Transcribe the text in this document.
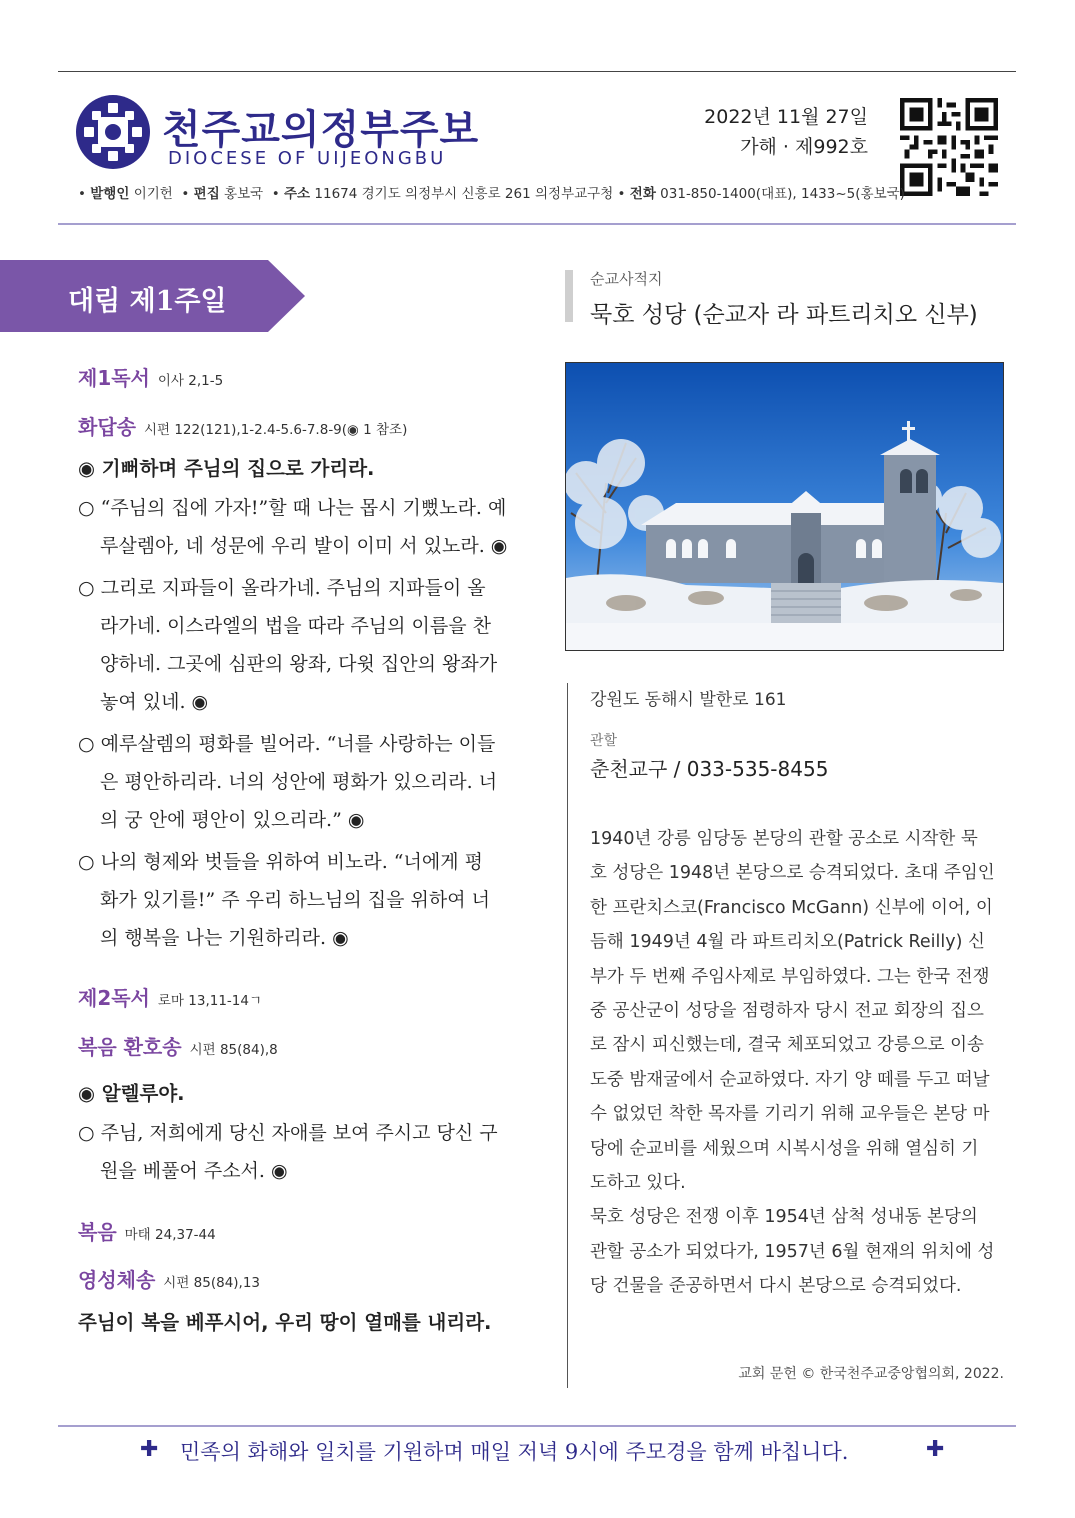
천주교의정부주보
DIOCESE OF UIJEONGBU
2022년 11월 27일
가해 · 제992호
• 발행인 이기헌  • 편집 홍보국  • 주소 11674 경기도 의정부시 신흥로 261 의정부교구청 • 전화 031-850-1400(대표), 1433~5(홍보국)
대림 제1주일
제1독서 이사 2,1-5
화답송 시편 122(121),1-2.4-5.6-7.8-9(◉ 1 참조)
◉ 기뻐하며 주님의 집으로 가리라.
○ “주님의 집에 가자!”할 때 나는 몹시 기뻤노라. 예
루살렘아, 네 성문에 우리 발이 이미 서 있노라. ◉
○ 그리로 지파들이 올라가네. 주님의 지파들이 올
라가네. 이스라엘의 법을 따라 주님의 이름을 찬
양하네. 그곳에 심판의 왕좌, 다윗 집안의 왕좌가
놓여 있네. ◉
○ 예루살렘의 평화를 빌어라. “너를 사랑하는 이들
은 평안하리라. 너의 성안에 평화가 있으리라. 너
의 궁 안에 평안이 있으리라.” ◉
○ 나의 형제와 벗들을 위하여 비노라. “너에게 평
화가 있기를!” 주 우리 하느님의 집을 위하여 너
의 행복을 나는 기원하리라. ◉
제2독서 로마 13,11-14ㄱ
복음 환호송 시편 85(84),8
◉ 알렐루야.
○ 주님, 저희에게 당신 자애를 보여 주시고 당신 구
원을 베풀어 주소서. ◉
복음 마태 24,37-44
영성체송 시편 85(84),13
주님이 복을 베푸시어, 우리 땅이 열매를 내리라.
순교사적지
묵호 성당 (순교자 라 파트리치오 신부)
강원도 동해시 발한로 161
관할
춘천교구 / 033-535-8455
1940년 강릉 임당동 본당의 관할 공소로 시작한 묵
호 성당은 1948년 본당으로 승격되었다. 초대 주임인
한 프란치스코(Francisco McGann) 신부에 이어, 이
듬해 1949년 4월 라 파트리치오(Patrick Reilly) 신
부가 두 번째 주임사제로 부임하였다. 그는 한국 전쟁
중 공산군이 성당을 점령하자 당시 전교 회장의 집으
로 잠시 피신했는데, 결국 체포되었고 강릉으로 이송
도중 밤재굴에서 순교하였다. 자기 양 떼를 두고 떠날
수 없었던 착한 목자를 기리기 위해 교우들은 본당 마
당에 순교비를 세웠으며 시복시성을 위해 열심히 기
도하고 있다.
묵호 성당은 전쟁 이후 1954년 삼척 성내동 본당의
관할 공소가 되었다가, 1957년 6월 현재의 위치에 성
당 건물을 준공하면서 다시 본당으로 승격되었다.
교회 문헌 © 한국천주교중앙협의회, 2022.
✚ 민족의 화해와 일치를 기원하며 매일 저녁 9시에 주모경을 함께 바칩니다.	✚
